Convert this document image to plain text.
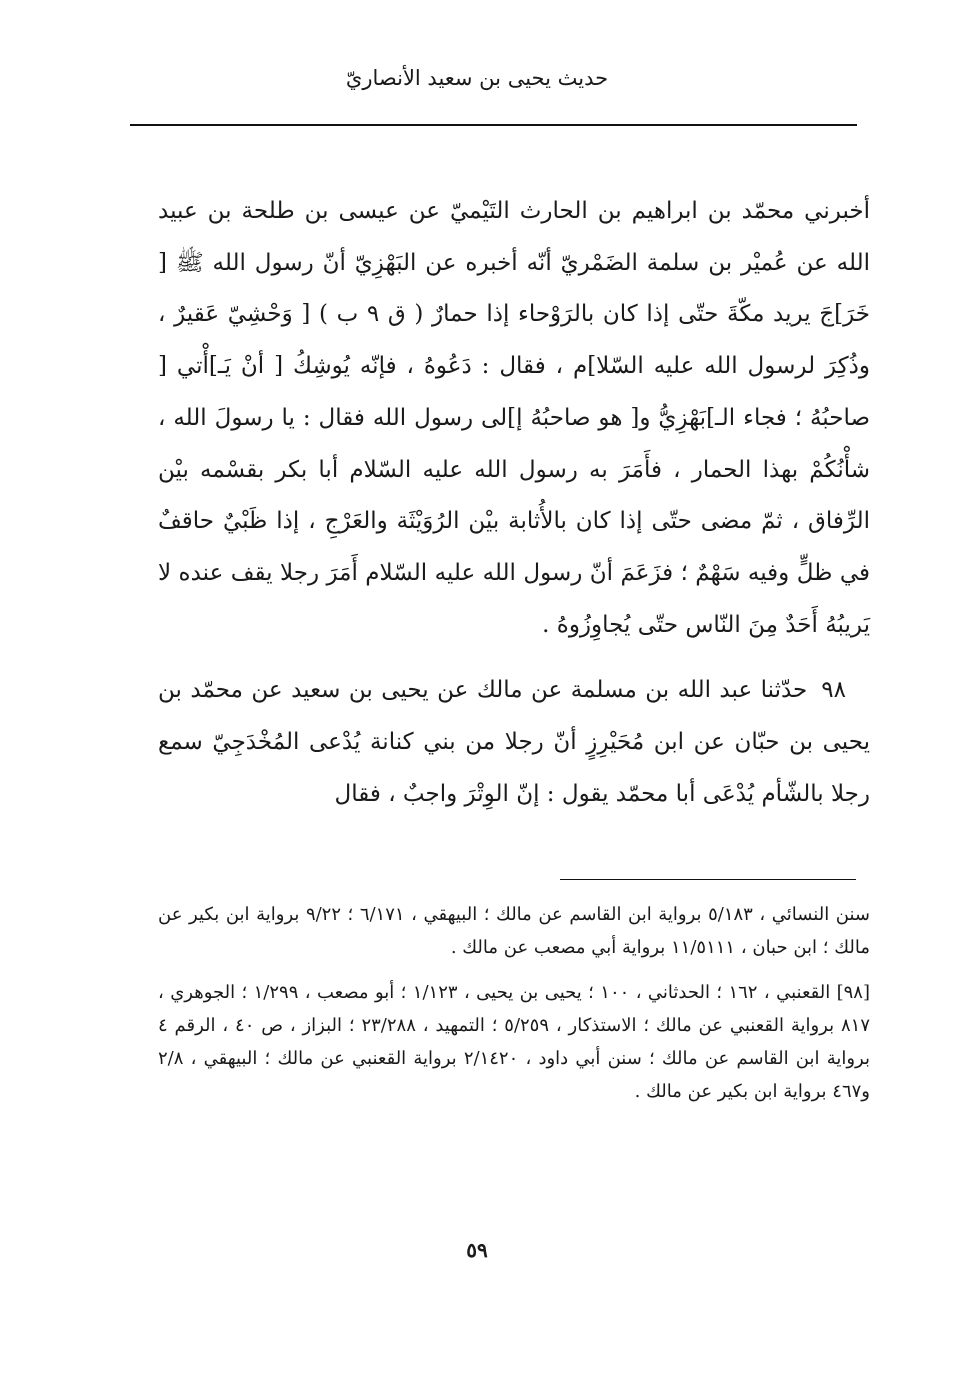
حديث يحيى بن سعيد الأنصاريّ

أخبرني محمّد بن ابراهيم بن الحارث التَيْميّ عن عيسى بن طلحة بن عبيد الله عن عُميْر بن سلمة الضَمْريّ أنّه أخبره عن البَهْزِيّ أنّ رسول الله ﷺ [ خَرَ]جَ يريد مكّةَ حتّى إذا كان بالرَوْحاء إذا حمارٌ ( ق ٩ ب ) [ وَحْشِيّ عَقيرٌ ، وذُكِرَ لرسول الله عليه السّلا]م ، فقال : دَعُوهُ ، فإنّه يُوشِكُ [ أنْ يَـ]أْتي [ صاحبُهُ ؛ فجاء الـ]بَهْزِيُّ و[ هو صاحبُهُ إ]لى رسول الله فقال : يا رسولَ الله ، شأْنُكُمْ بهذا الحمار ، فأَمَرَ به رسول الله عليه السّلام أبا بكر بقسْمه بيْن الرِّفاق ، ثمّ مضى حتّى إذا كان بالأُثابة بيْن الرُوَيْثَة والعَرْجِ ، إذا ظَبْيٌ حاقفٌ في ظلٍّ وفيه سَهْمٌ ؛ فزَعَمَ أنّ رسول الله عليه السّلام أَمَرَ رجلا يقف عنده لا يَريبُهُ أَحَدٌ مِنَ النّاس حتّى يُجاوِزُوهُ .

٩٨حدّثنا عبد الله بن مسلمة عن مالك عن يحيى بن سعيد عن محمّد بن يحيى بن حبّان عن ابن مُحَيْرِزٍ أنّ رجلا من بني كنانة يُدْعى المُخْدَجِيّ سمع رجلا بالشّأم يُدْعَى أبا محمّد يقول : إنّ الوِتْرَ واجبٌ ، فقال

سنن النسائي ، ٥/١٨٣ برواية ابن القاسم عن مالك ؛ البيهقي ، ٦/١٧١ ؛ ٩/٢٢ برواية ابن بكير عن مالك ؛ ابن حبان ، ١١/٥١١١ برواية أبي مصعب عن مالك .

[٩٨] القعنبي ، ١٦٢ ؛ الحدثاني ، ١٠٠ ؛ يحيى بن يحيى ، ١/١٢٣ ؛ أبو مصعب ، ١/٢٩٩ ؛ الجوهري ، ٨١٧ برواية القعنبي عن مالك ؛ الاستذكار ، ٥/٢٥٩ ؛ التمهيد ، ٢٣/٢٨٨ ؛ البزاز ، ص ٤٠ ، الرقم ٤ برواية ابن القاسم عن مالك ؛ سنن أبي داود ، ٢/١٤٢٠ برواية القعنبي عن مالك ؛ البيهقي ، ٢/٨ و٤٦٧ برواية ابن بكير عن مالك .

٥٩
